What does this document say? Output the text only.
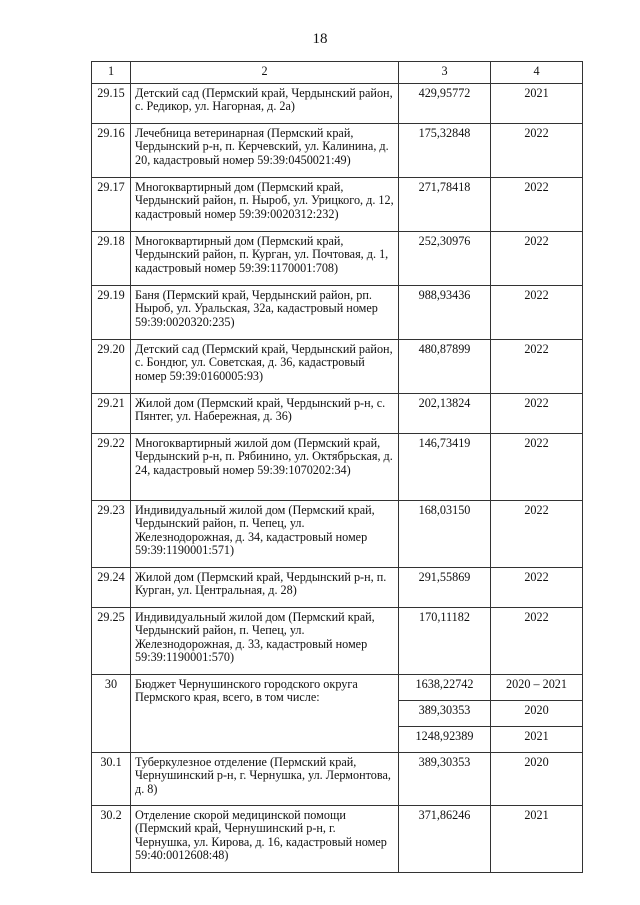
18
1	2	3	4
29.15	Детский сад (Пермский край, Чердынский район, с. Редикор, ул. Нагорная, д. 2а)	429,95772	2021
29.16	Лечебница ветеринарная (Пермский край, Чердынский р-н, п. Керчевский, ул. Калинина, д. 20, кадастровый номер 59:39:0450021:49)	175,32848	2022
29.17	Многоквартирный дом (Пермский край, Чердынский район, п. Ныроб, ул. Урицкого, д. 12, кадастровый номер 59:39:0020312:232)	271,78418	2022
29.18	Многоквартирный дом (Пермский край, Чердынский район, п. Курган, ул. Почтовая, д. 1, кадастровый номер 59:39:1170001:708)	252,30976	2022
29.19	Баня (Пермский край, Чердынский район, рп. Ныроб, ул. Уральская, 32а, кадастровый номер 59:39:0020320:235)	988,93436	2022
29.20	Детский сад (Пермский край, Чердынский район, с. Бондюг, ул. Советская, д. 36, кадастровый номер 59:39:0160005:93)	480,87899	2022
29.21	Жилой дом (Пермский край, Чердынский р-н, с. Пянтег, ул. Набережная, д. 36)	202,13824	2022
29.22	Многоквартирный жилой дом (Пермский край, Чердынский р-н, п. Рябинино, ул. Октябрьская, д. 24, кадастровый номер 59:39:1070202:34)	146,73419	2022
29.23	Индивидуальный жилой дом (Пермский край, Чердынский район, п. Чепец, ул. Железнодорожная, д. 34, кадастровый номер 59:39:1190001:571)	168,03150	2022
29.24	Жилой дом (Пермский край, Чердынский р-н, п. Курган, ул. Центральная, д. 28)	291,55869	2022
29.25	Индивидуальный жилой дом (Пермский край, Чердынский район, п. Чепец, ул. Железнодорожная, д. 33, кадастровый номер 59:39:1190001:570)	170,11182	2022
30	Бюджет Чернушинского городского округа Пермского края, всего, в том числе:	1638,22742	2020 – 2021
		389,30353	2020
		1248,92389	2021
30.1	Туберкулезное отделение (Пермский край, Чернушинский р-н, г. Чернушка, ул. Лермонтова, д. 8)	389,30353	2020
30.2	Отделение скорой медицинской помощи (Пермский край, Чернушинский р-н, г. Чернушка, ул. Кирова, д. 16, кадастровый номер 59:40:0012608:48)	371,86246	2021
